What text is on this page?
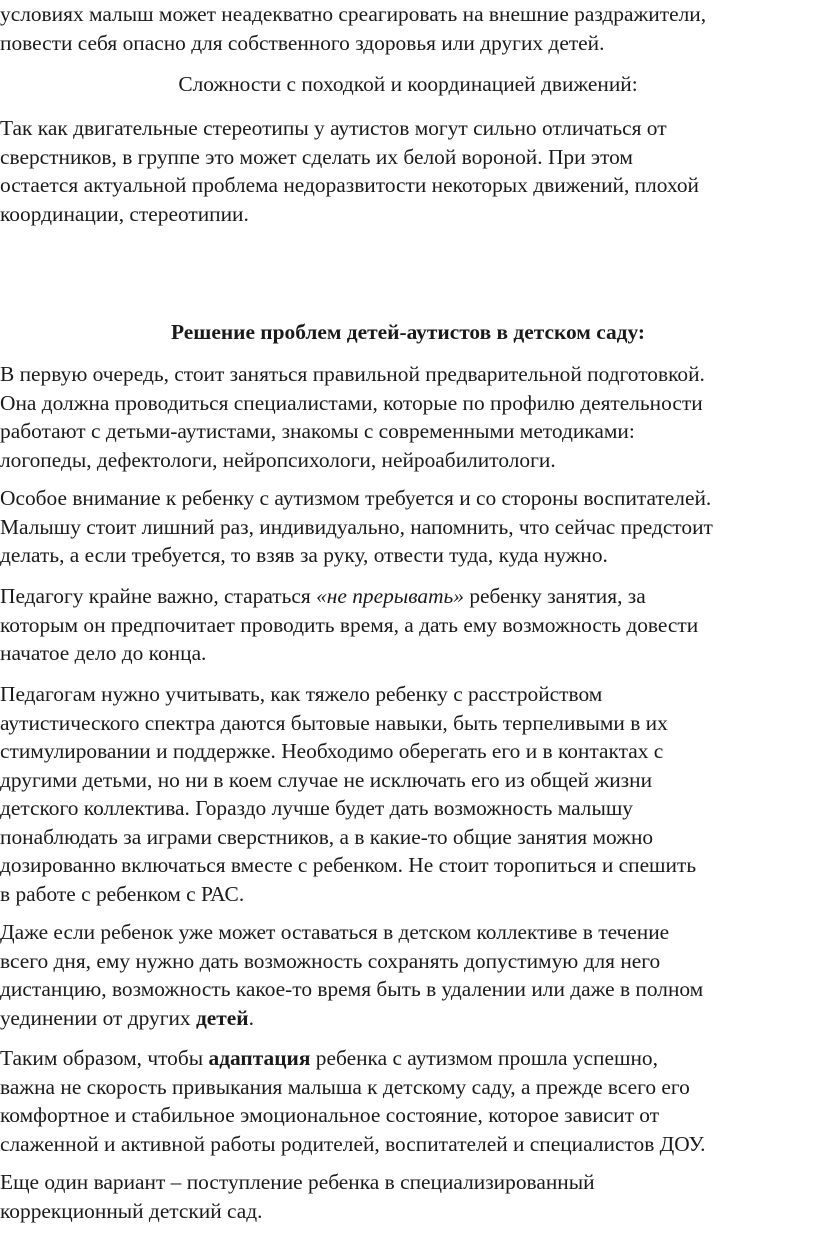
условиях малыш может неадекватно среагировать на внешние раздражители,
повести себя опасно для собственного здоровья или других детей.

Сложности с походкой и координацией движений:

Так как двигательные стереотипы у аутистов могут сильно отличаться от
сверстников, в группе это может сделать их белой вороной. При этом
остается актуальной проблема недоразвитости некоторых движений, плохой
координации, стереотипии.

Решение проблем детей-аутистов в детском саду:

В первую очередь, стоит заняться правильной предварительной подготовкой.
Она должна проводиться специалистами, которые по профилю деятельности
работают с детьми-аутистами, знакомы с современными методиками:
логопеды, дефектологи, нейропсихологи, нейроабилитологи.

Особое внимание к ребенку с аутизмом требуется и со стороны воспитателей.
Малышу стоит лишний раз, индивидуально, напомнить, что сейчас предстоит
делать, а если требуется, то взяв за руку, отвести туда, куда нужно.

Педагогу крайне важно, стараться «не прерывать» ребенку занятия, за
которым он предпочитает проводить время, а дать ему возможность довести
начатое дело до конца.

Педагогам нужно учитывать, как тяжело ребенку с расстройством
аутистического спектра даются бытовые навыки, быть терпеливыми в их
стимулировании и поддержке. Необходимо оберегать его и в контактах с
другими детьми, но ни в коем случае не исключать его из общей жизни
детского коллектива. Гораздо лучше будет дать возможность малышу
понаблюдать за играми сверстников, а в какие-то общие занятия можно
дозированно включаться вместе с ребенком. Не стоит торопиться и спешить
в работе с ребенком с РАС.

Даже если ребенок уже может оставаться в детском коллективе в течение
всего дня, ему нужно дать возможность сохранять допустимую для него
дистанцию, возможность какое-то время быть в удалении или даже в полном
уединении от других детей.

Таким образом, чтобы адаптация ребенка с аутизмом прошла успешно,
важна не скорость привыкания малыша к детскому саду, а прежде всего его
комфортное и стабильное эмоциональное состояние, которое зависит от
слаженной и активной работы родителей, воспитателей и специалистов ДОУ.

Еще один вариант – поступление ребенка в специализированный
коррекционный детский сад.
